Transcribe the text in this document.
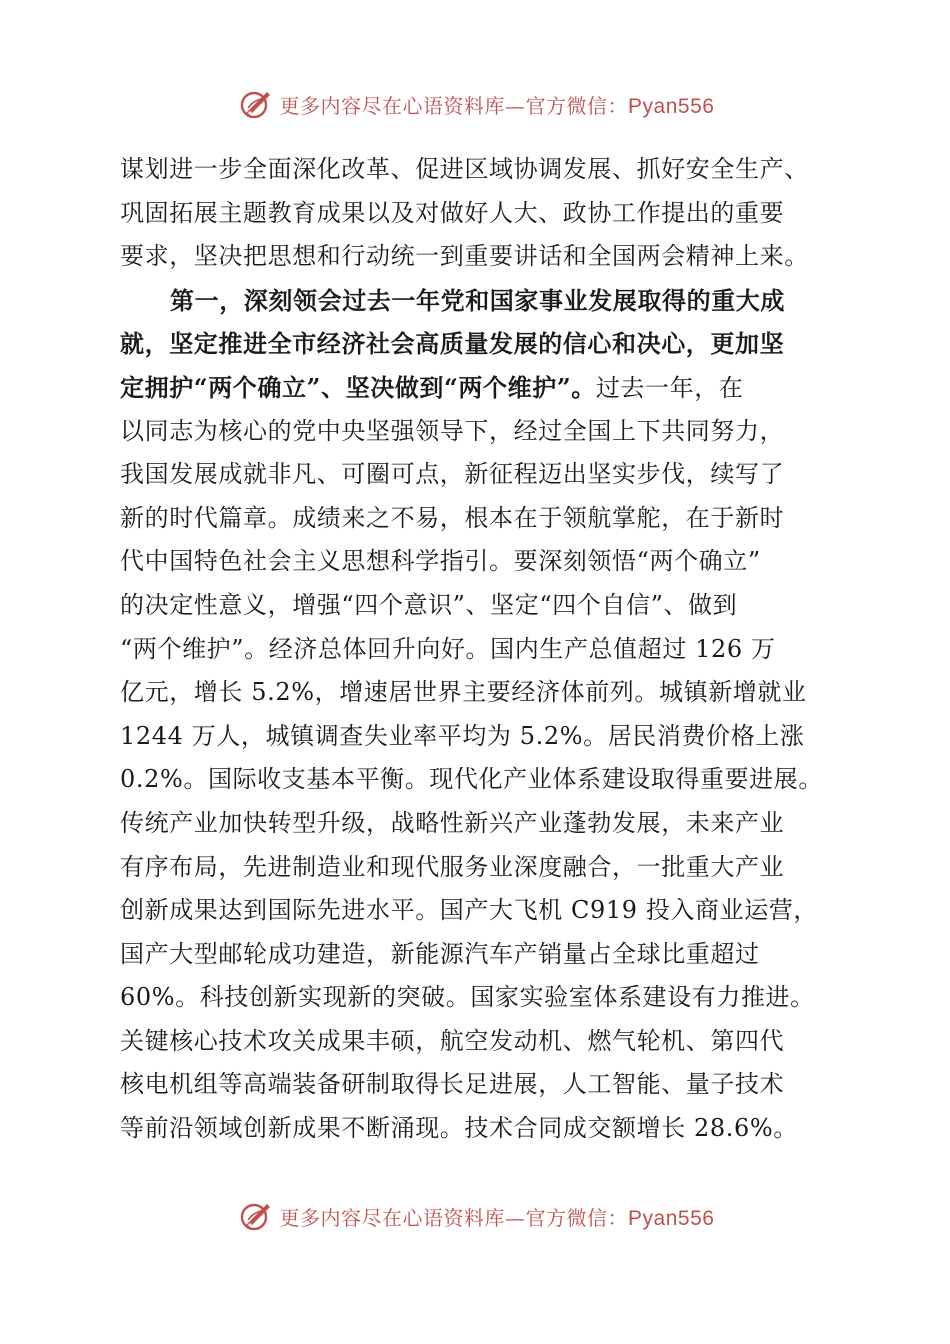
更多内容尽在心语资料库—官方微信：Pyan556
谋划进一步全面深化改革、促进区域协调发展、抓好安全生产、
巩固拓展主题教育成果以及对做好人大、政协工作提出的重要
要求，坚决把思想和行动统一到重要讲话和全国两会精神上来。
第一，深刻领会过去一年党和国家事业发展取得的重大成
就，坚定推进全市经济社会高质量发展的信心和决心，更加坚
定拥护“两个确立”、坚决做到“两个维护”。过去一年，在
以同志为核心的党中央坚强领导下，经过全国上下共同努力，
我国发展成就非凡、可圈可点，新征程迈出坚实步伐，续写了
新的时代篇章。成绩来之不易，根本在于领航掌舵，在于新时
代中国特色社会主义思想科学指引。要深刻领悟“两个确立”
的决定性意义，增强“四个意识”、坚定“四个自信”、做到
“两个维护”。经济总体回升向好。国内生产总值超过 126 万
亿元，增长 5.2%，增速居世界主要经济体前列。城镇新增就业
1244 万人，城镇调查失业率平均为 5.2%。居民消费价格上涨
0.2%。国际收支基本平衡。现代化产业体系建设取得重要进展。
传统产业加快转型升级，战略性新兴产业蓬勃发展，未来产业
有序布局，先进制造业和现代服务业深度融合，一批重大产业
创新成果达到国际先进水平。国产大飞机 C919 投入商业运营，
国产大型邮轮成功建造，新能源汽车产销量占全球比重超过
60%。科技创新实现新的突破。国家实验室体系建设有力推进。
关键核心技术攻关成果丰硕，航空发动机、燃气轮机、第四代
核电机组等高端装备研制取得长足进展，人工智能、量子技术
等前沿领域创新成果不断涌现。技术合同成交额增长 28.6%。
更多内容尽在心语资料库—官方微信：Pyan556
